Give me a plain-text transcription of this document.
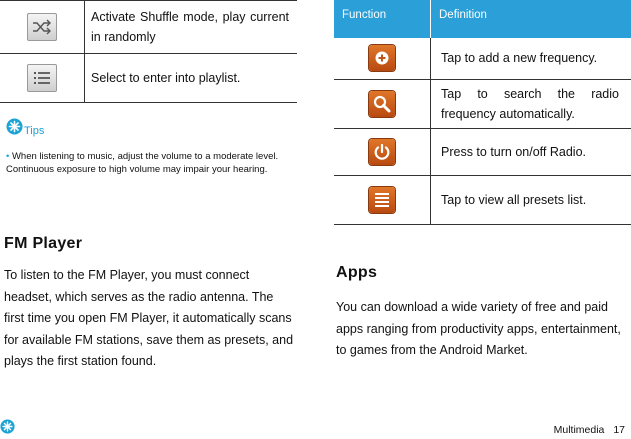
	Activate Shuffle mode, play current in randomly

	Select to enter into playlist.
Tips
• When listening to music, adjust the volume to a moderate level. Continuous exposure to high volume may impair your hearing.
FM Player
To listen to the FM Player, you must connect headset, which serves as the radio antenna. The first time you open FM Player, it automatically scans for available FM stations, save them as presets, and plays the first station found.
Function	Definition

	Tap to add a new frequency.

	Tap to search the radio frequency automatically.

	Press to turn on/off Radio.

	Tap to view all presets list.
Apps
You can download a wide variety of free and paid apps ranging from productivity apps, entertainment, to games from the Android Market.
Multimedia 17
